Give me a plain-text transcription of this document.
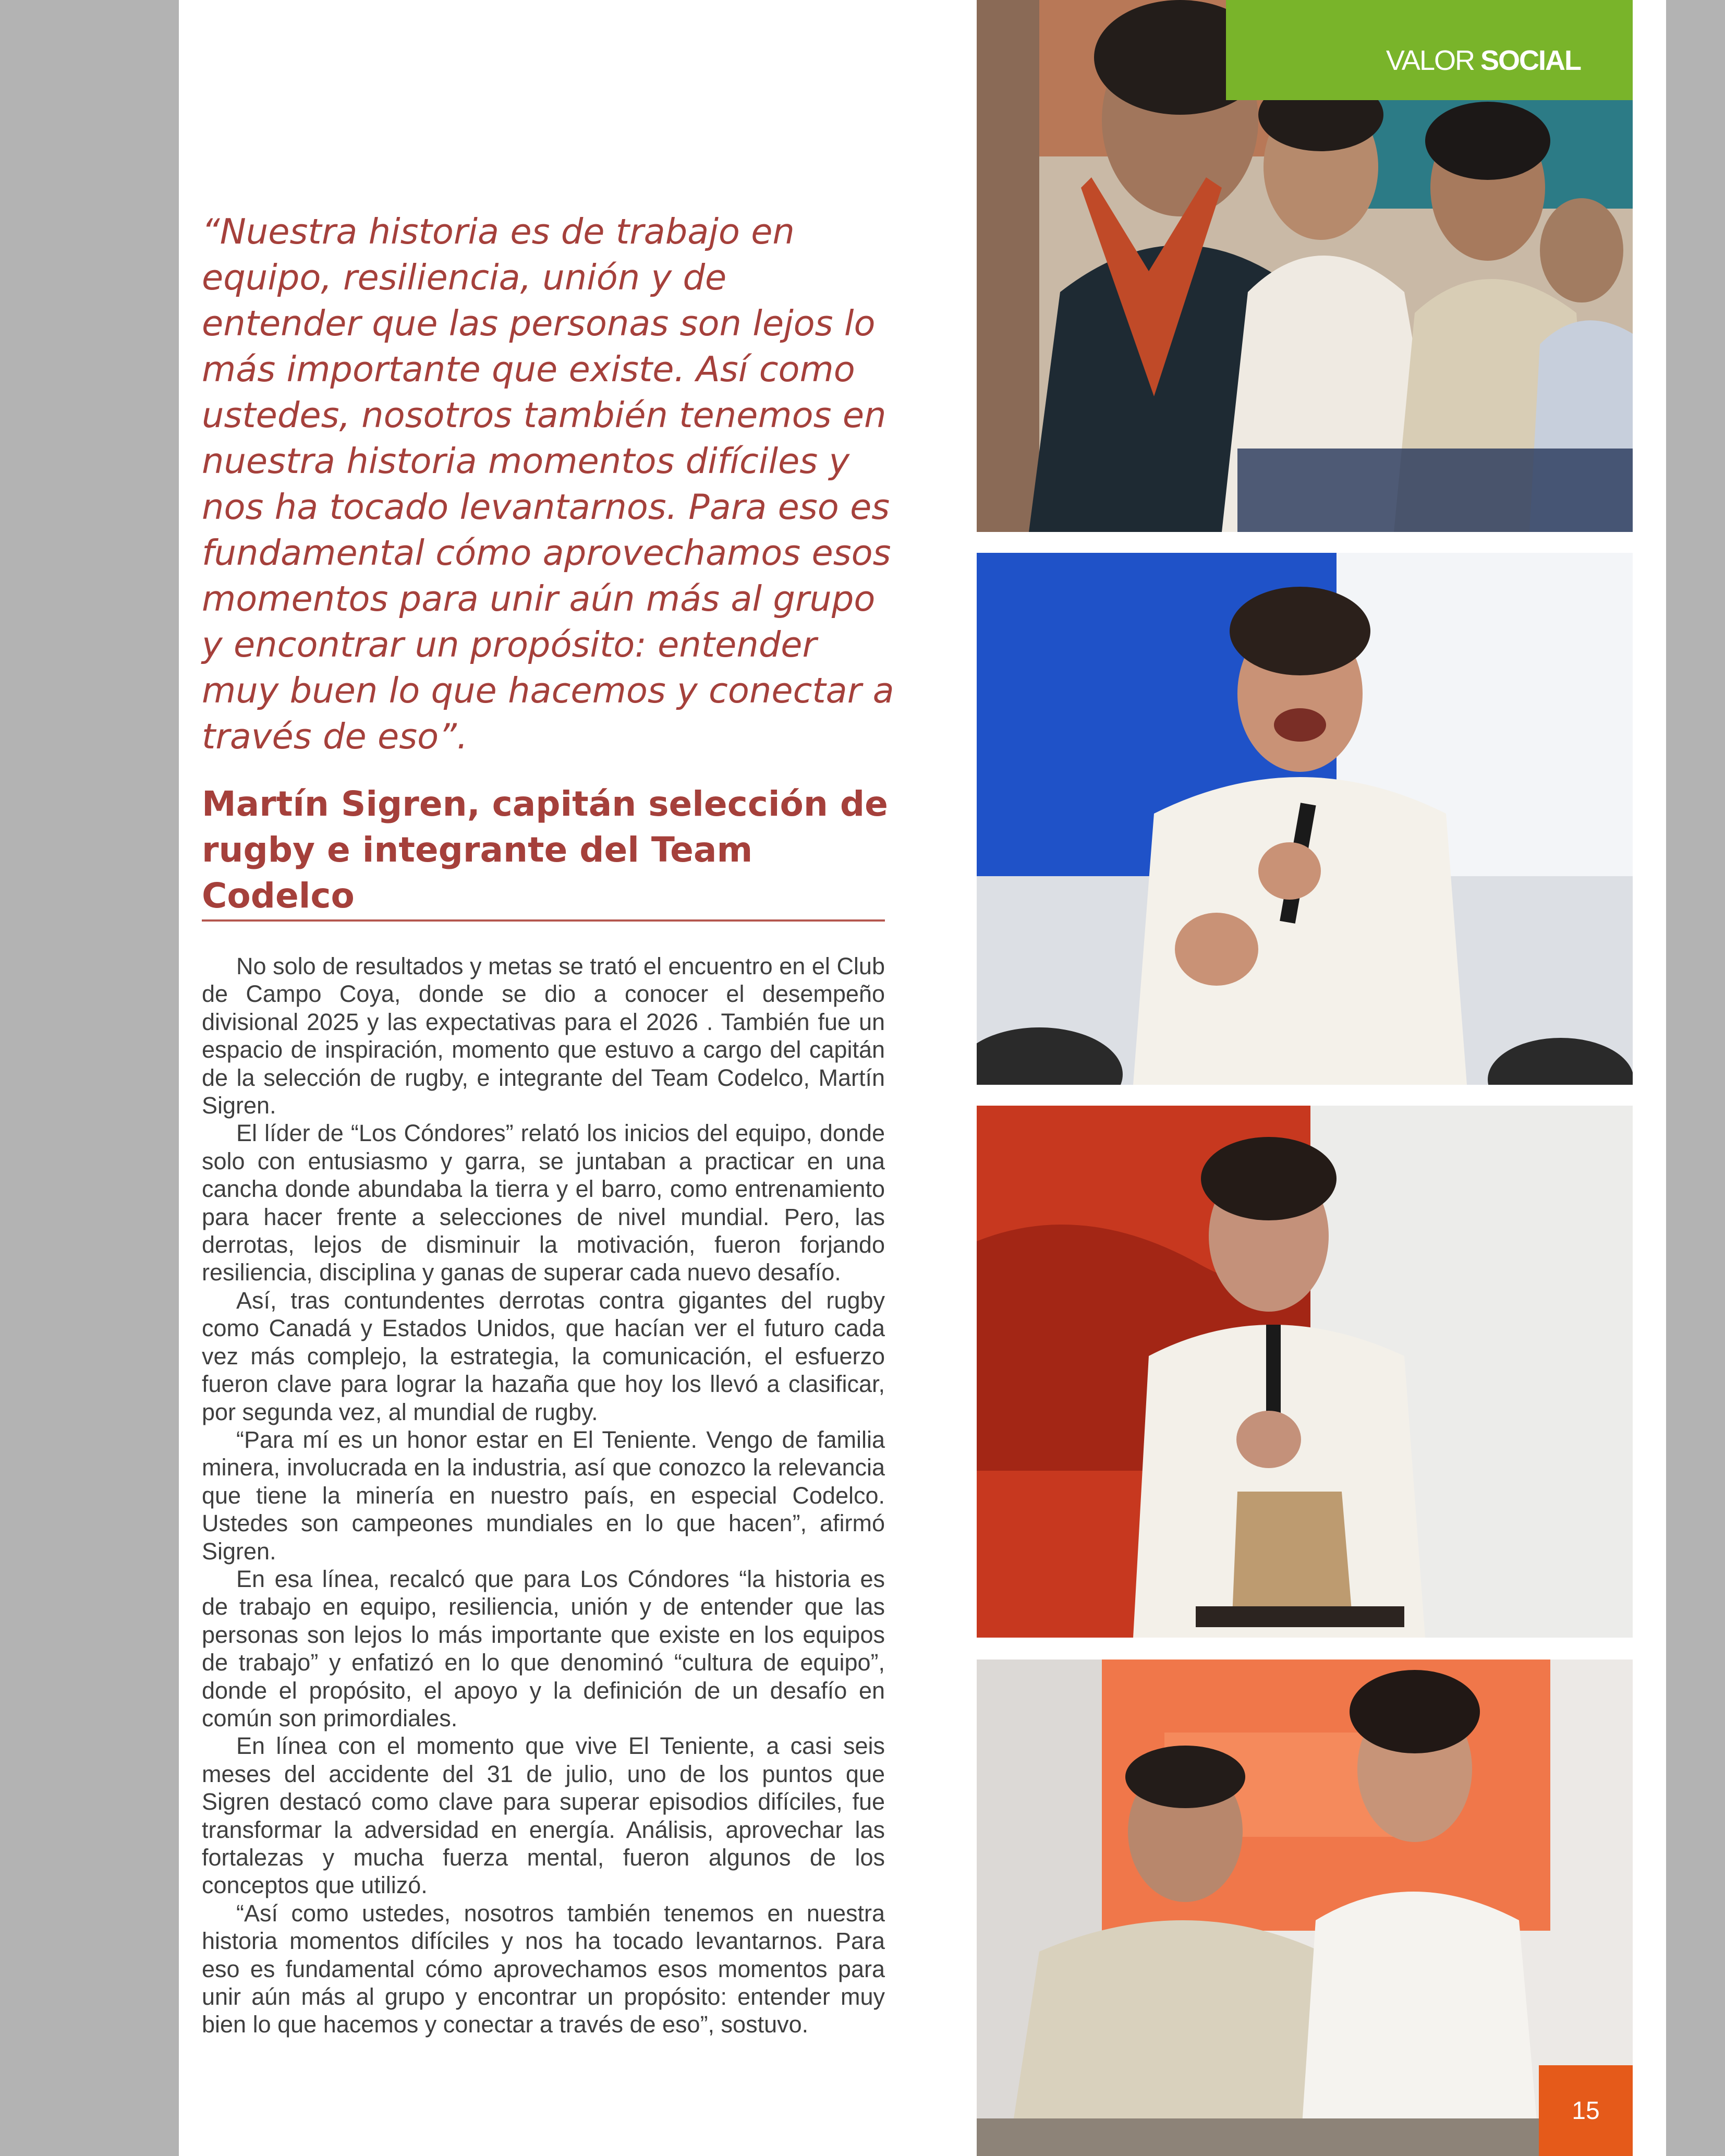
“Nuestra historia es de trabajo en equipo, resiliencia, unión y de entender que las personas son lejos lo más importante que existe. Así como ustedes, nosotros también tenemos en nuestra historia momentos difíciles y nos ha tocado levantarnos. Para eso es fundamental cómo aprovechamos esos momentos para unir aún más al grupo y encontrar un propósito: entender muy buen lo que hacemos y conectar a través de eso”.

Martín Sigren, capitán selección de rugby e integrante del Team Codelco

No solo de resultados y metas se trató el encuentro en el Club de Campo Coya, donde se dio a conocer el desempeño divisional 2025 y las expectativas para el 2026 . También fue un espacio de inspiración, momento que estuvo a cargo del capitán de la selección de rugby, e integrante del Team Codelco, Martín Sigren.

El líder de “Los Cóndores” relató los inicios del equipo, donde solo con entusiasmo y garra, se juntaban a practicar en una cancha donde abundaba la tierra y el barro, como entrenamiento para hacer frente a selecciones de nivel mundial. Pero, las derrotas, lejos de disminuir la motivación, fueron forjando resiliencia, disciplina y ganas de superar cada nuevo desafío.

Así, tras contundentes derrotas contra gigantes del rugby como Canadá y Estados Unidos, que hacían ver el futuro cada vez más complejo, la estrategia, la comunicación, el esfuerzo fueron clave para lograr la hazaña que hoy los llevó a clasificar, por segunda vez, al mundial de rugby.

“Para mí es un honor estar en El Teniente. Vengo de familia minera, involucrada en la industria, así que conozco la relevancia que tiene la minería en nuestro país, en especial Codelco. Ustedes son campeones mundiales en lo que hacen”, afirmó Sigren.

En esa línea, recalcó que para Los Cóndores “la historia es de trabajo en equipo, resiliencia, unión y de entender que las personas son lejos lo más importante que existe en los equipos de trabajo” y enfatizó en lo que denominó “cultura de equipo”, donde el propósito, el apoyo y la definición de un desafío en común son primordiales.

En línea con el momento que vive El Teniente, a casi seis meses del accidente del 31 de julio, uno de los puntos que Sigren destacó como clave para superar episodios difíciles, fue transformar la adversidad en energía. Análisis, aprovechar las fortalezas y mucha fuerza mental, fueron algunos de los conceptos que utilizó.

“Así como ustedes, nosotros también tenemos en nuestra historia momentos difíciles y nos ha tocado levantarnos. Para eso es fundamental cómo aprovechamos esos momentos para unir aún más al grupo y encontrar un propósito: entender muy bien lo que hacemos y conectar a través de eso”, sostuvo.

VALOR SOCIAL
15
